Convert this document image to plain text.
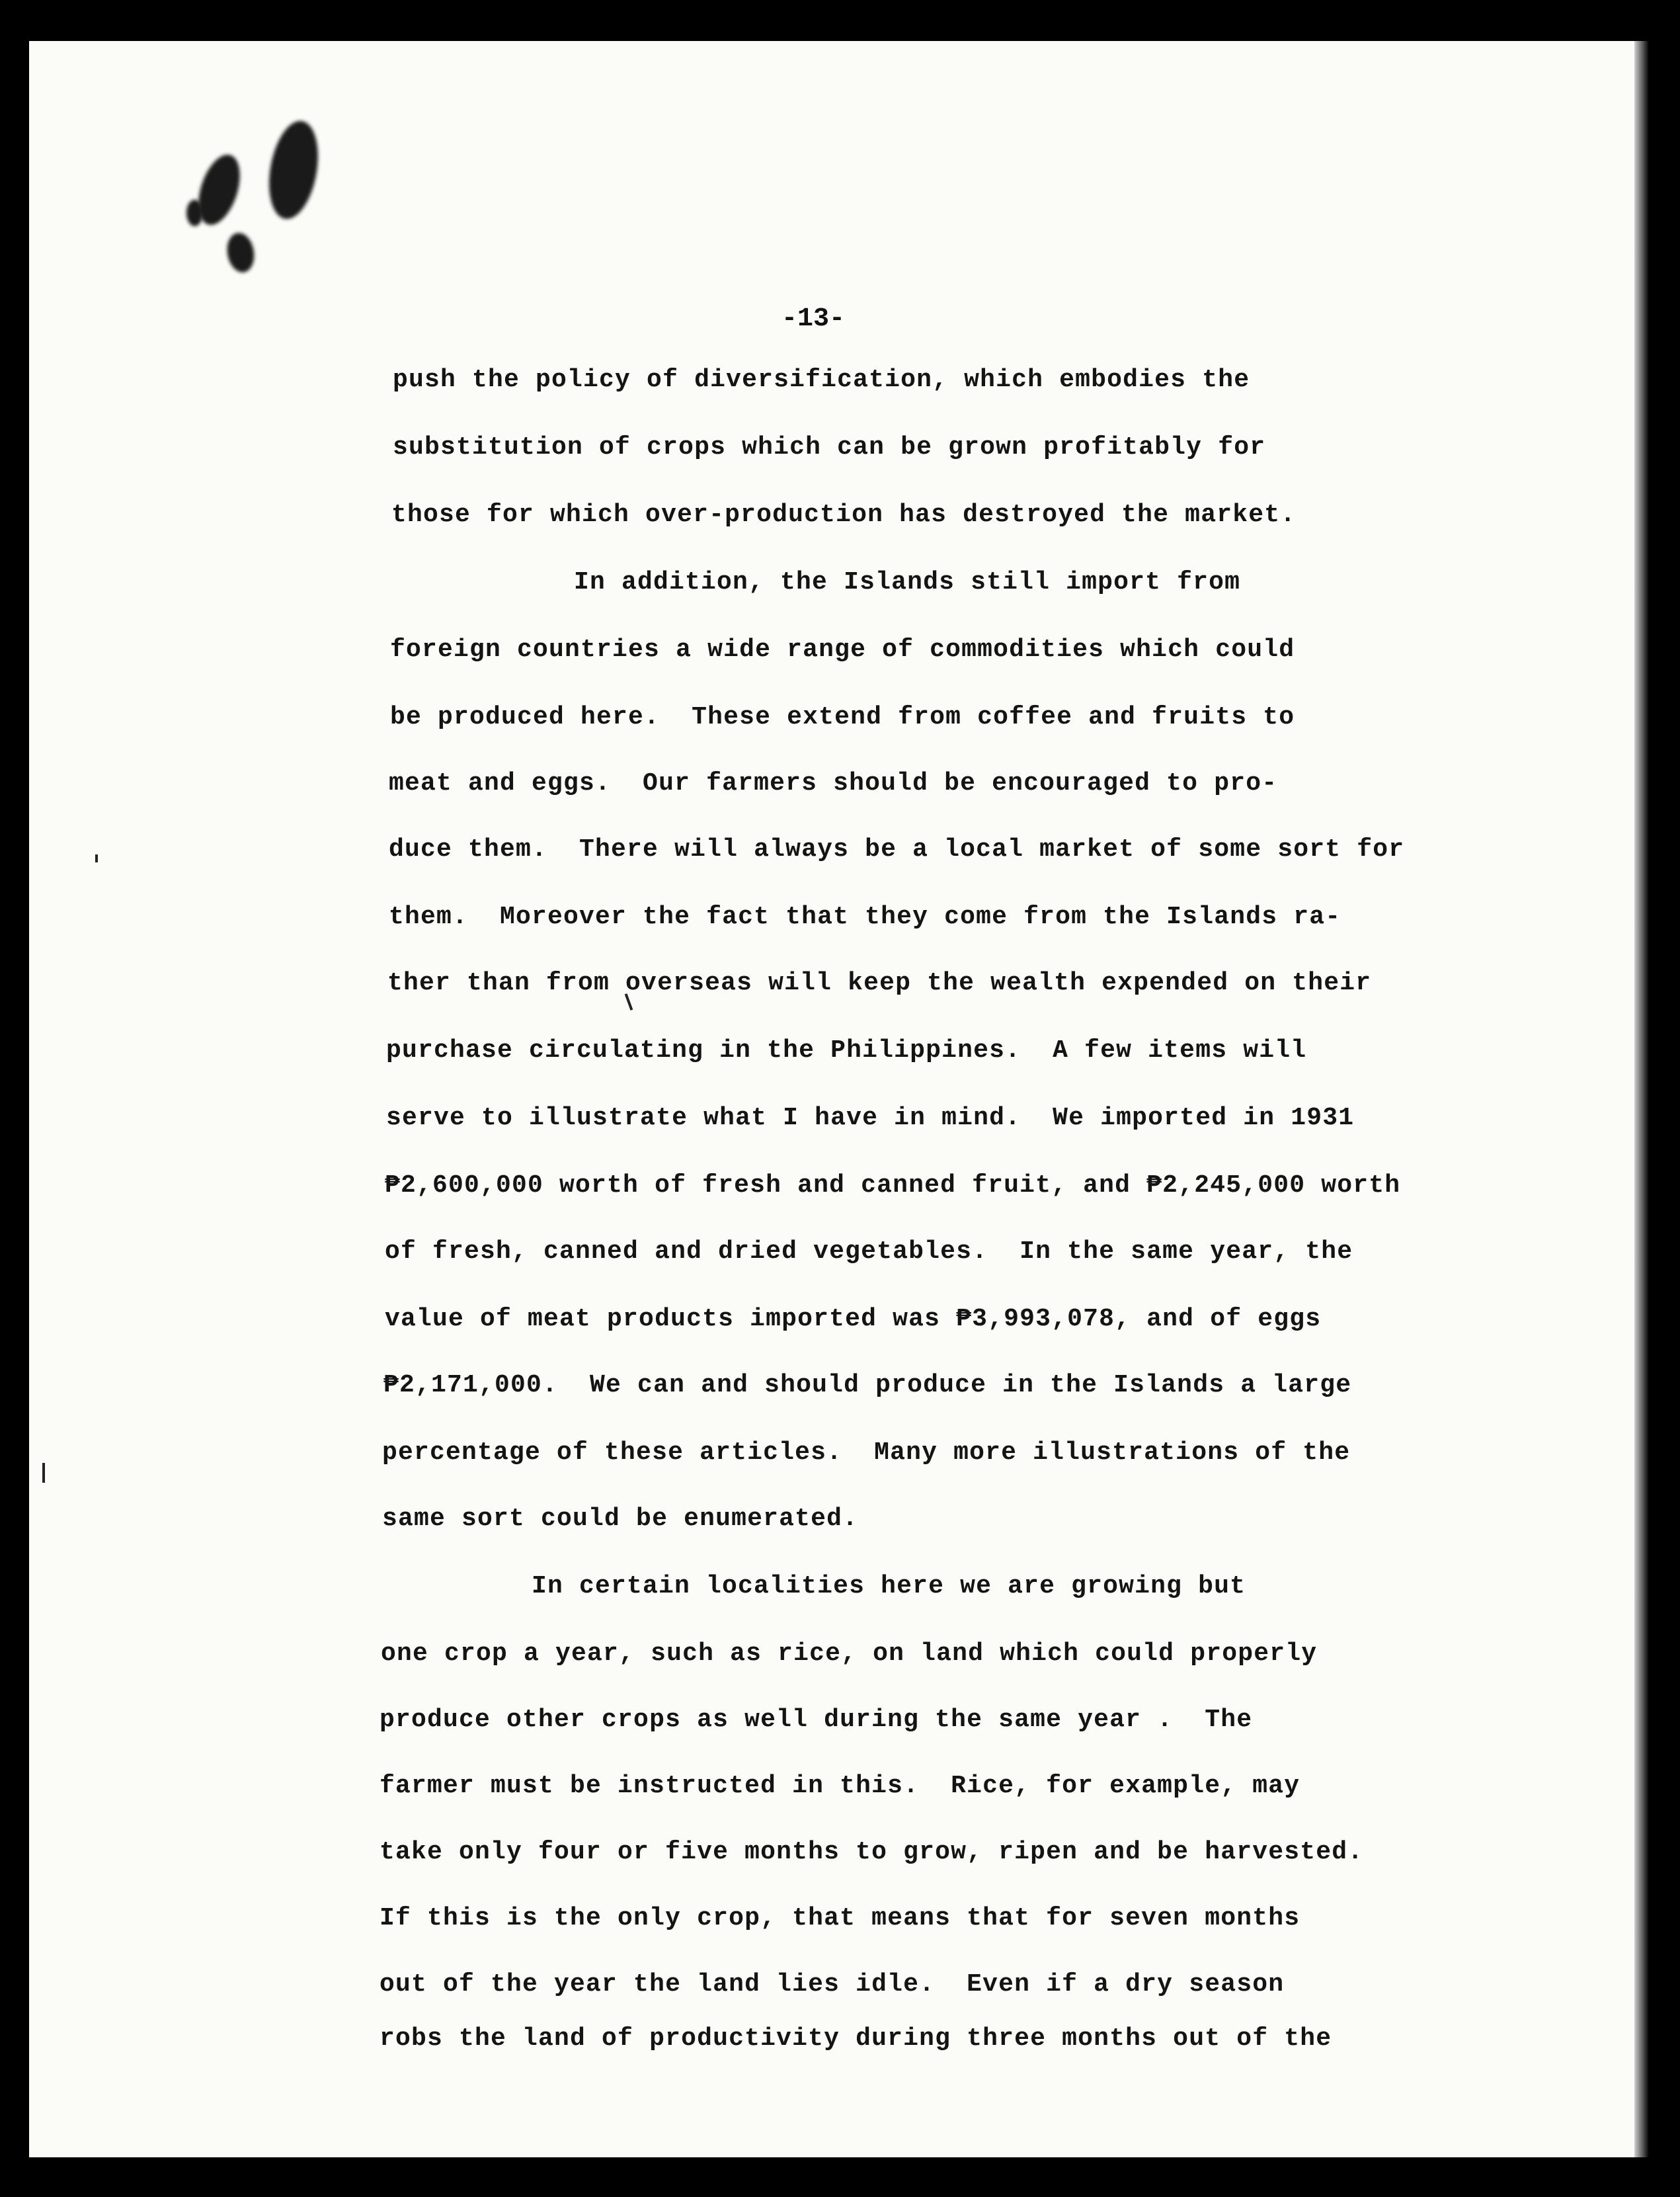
-13-
push the policy of diversification, which embodies the
substitution of crops which can be grown profitably for
those for which over-production has destroyed the market.
In addition, the Islands still import from
foreign countries a wide range of commodities which could
be produced here.  These extend from coffee and fruits to
meat and eggs.  Our farmers should be encouraged to pro-
duce them.  There will always be a local market of some sort for
them.  Moreover the fact that they come from the Islands ra-
ther than from overseas will keep the wealth expended on their
purchase circulating in the Philippines.  A few items will
serve to illustrate what I have in mind.  We imported in 1931
₱2,600,000 worth of fresh and canned fruit, and ₱2,245,000 worth
of fresh, canned and dried vegetables.  In the same year, the
value of meat products imported was ₱3,993,078, and of eggs
₱2,171,000.  We can and should produce in the Islands a large
percentage of these articles.  Many more illustrations of the
same sort could be enumerated.
In certain localities here we are growing but
one crop a year, such as rice, on land which could properly
produce other crops as well during the same year .  The
farmer must be instructed in this.  Rice, for example, may
take only four or five months to grow, ripen and be harvested.
If this is the only crop, that means that for seven months
out of the year the land lies idle.  Even if a dry season
robs the land of productivity during three months out of the
